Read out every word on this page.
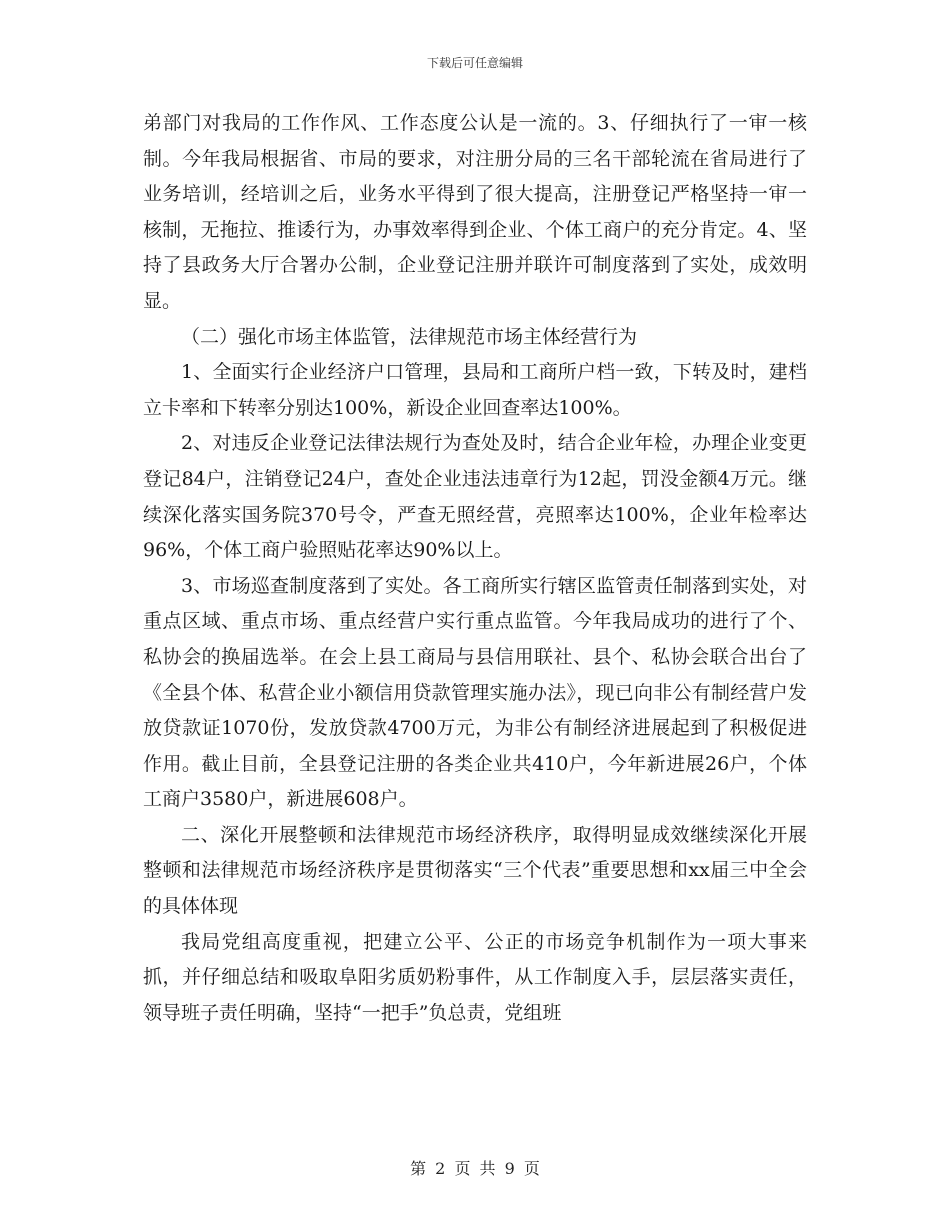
下载后可任意编辑

弟部门对我局的工作作风、工作态度公认是一流的。3、仔细执行了一审一核制。今年我局根据省、市局的要求，对注册分局的三名干部轮流在省局进行了业务培训，经培训之后，业务水平得到了很大提高，注册登记严格坚持一审一核制，无拖拉、推诿行为，办事效率得到企业、个体工商户的充分肯定。4、坚持了县政务大厅合署办公制，企业登记注册并联许可制度落到了实处，成效明显。

（二）强化市场主体监管，法律规范市场主体经营行为

1、全面实行企业经济户口管理，县局和工商所户档一致，下转及时，建档立卡率和下转率分别达100%，新设企业回查率达100%。

2、对违反企业登记法律法规行为查处及时，结合企业年检，办理企业变更登记84户，注销登记24户，查处企业违法违章行为12起，罚没金额4万元。继续深化落实国务院370号令，严查无照经营，亮照率达100%，企业年检率达96%，个体工商户验照贴花率达90%以上。

3、市场巡查制度落到了实处。各工商所实行辖区监管责任制落到实处，对重点区域、重点市场、重点经营户实行重点监管。今年我局成功的进行了个、私协会的换届选举。在会上县工商局与县信用联社、县个、私协会联合出台了《全县个体、私营企业小额信用贷款管理实施办法》，现已向非公有制经营户发放贷款证1070份，发放贷款4700万元，为非公有制经济进展起到了积极促进作用。截止目前，全县登记注册的各类企业共410户，今年新进展26户，个体工商户3580户，新进展608户。

二、深化开展整顿和法律规范市场经济秩序，取得明显成效继续深化开展整顿和法律规范市场经济秩序是贯彻落实“三个代表”重要思想和xx届三中全会的具体体现

我局党组高度重视，把建立公平、公正的市场竞争机制作为一项大事来抓，并仔细总结和吸取阜阳劣质奶粉事件，从工作制度入手，层层落实责任，领导班子责任明确，坚持“一把手”负总责，党组班

第 2 页 共 9 页
